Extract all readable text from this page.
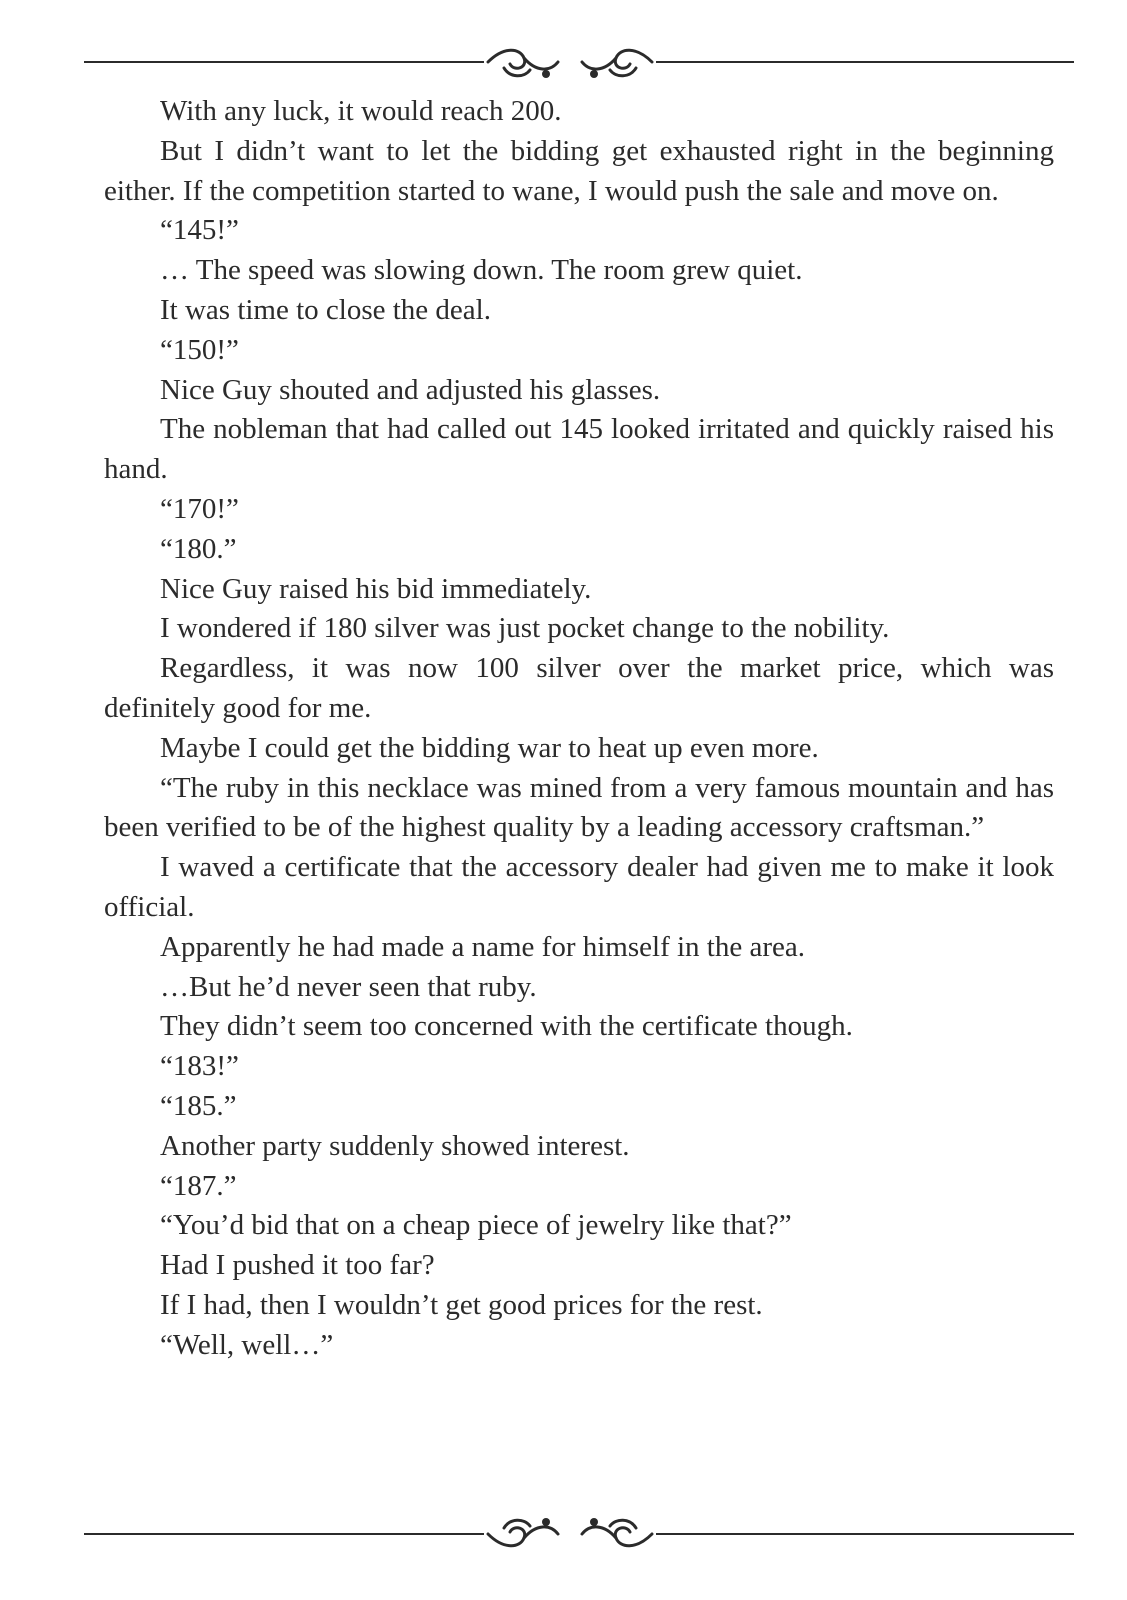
With any luck, it would reach 200.

But I didn’t want to let the bidding get exhausted right in the beginning either. If the competition started to wane, I would push the sale and move on.

“145!”

… The speed was slowing down. The room grew quiet.

It was time to close the deal.

“150!”

Nice Guy shouted and adjusted his glasses.

The nobleman that had called out 145 looked irritated and quickly raised his hand.

“170!”

“180.”

Nice Guy raised his bid immediately.

I wondered if 180 silver was just pocket change to the nobility.

Regardless, it was now 100 silver over the market price, which was definitely good for me.

Maybe I could get the bidding war to heat up even more.

“The ruby in this necklace was mined from a very famous mountain and has been verified to be of the highest quality by a leading accessory craftsman.”

I waved a certificate that the accessory dealer had given me to make it look official.

Apparently he had made a name for himself in the area.

…But he’d never seen that ruby.

They didn’t seem too concerned with the certificate though.

“183!”

“185.”

Another party suddenly showed interest.

“187.”

“You’d bid that on a cheap piece of jewelry like that?”

Had I pushed it too far?

If I had, then I wouldn’t get good prices for the rest.

“Well, well…”
